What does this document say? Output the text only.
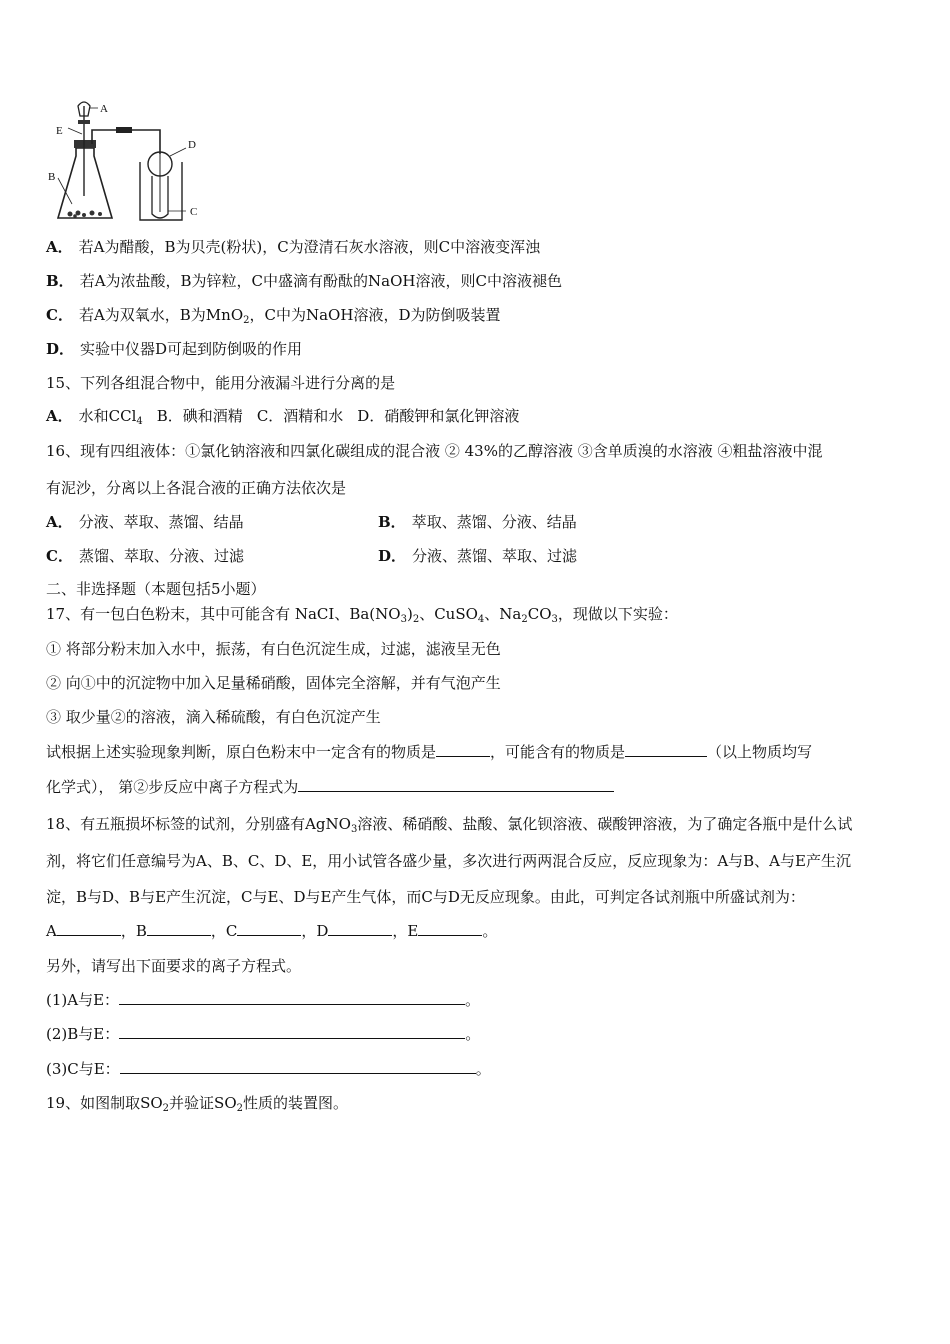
A
E
B
D
C
A． 若A为醋酸，B为贝壳(粉状)，C为澄清石灰水溶液，则C中溶液变浑浊
B． 若A为浓盐酸，B为锌粒，C中盛滴有酚酞的NaOH溶液，则C中溶液褪色
C． 若A为双氧水，B为MnO$_2$，C中为NaOH溶液，D为防倒吸装置
D． 实验中仪器D可起到防倒吸的作用
15、下列各组混合物中，能用分液漏斗进行分离的是
A． 水和CCl$_4$ B．碘和酒精 C．酒精和水 D．硝酸钾和氯化钾溶液
16、现有四组液体：①氯化钠溶液和四氯化碳组成的混合液 ② 43%的乙醇溶液 ③含单质溴的水溶液 ④粗盐溶液中混
有泥沙，分离以上各混合液的正确方法依次是
A． 分液、萃取、蒸馏、结晶	B． 萃取、蒸馏、分液、结晶
C． 蒸馏、萃取、分液、过滤	D． 分液、蒸馏、萃取、过滤
二、非选择题（本题包括5小题）
17、有一包白色粉末，其中可能含有 NaCI、$Ba(NO_3)_2$、CuSO$_4$、$Na_2CO_3$，现做以下实验：
① 将部分粉末加入水中，振荡，有白色沉淀生成，过滤，滤液呈无色
② 向①中的沉淀物中加入足量稀硝酸，固体完全溶解，并有气泡产生
③ 取少量②的溶液，滴入稀硫酸，有白色沉淀产生
试根据上述实验现象判断，原白色粉末中一定含有的物质是	，可能含有的物质是	（以上物质均写
化学式）， 第②步反应中离子方程式为
18、有五瓶损坏标签的试剂，分别盛有AgNO$_3$溶液、稀硝酸、盐酸、氯化钡溶液、碳酸钾溶液，为了确定各瓶中是什么试
剂，将它们任意编号为A、B、C、D、E，用小试管各盛少量，多次进行两两混合反应，反应现象为：A与B、A与E产生沉
淀，B与D、B与E产生沉淀，C与E、D与E产生气体，而C与D无反应现象。由此，可判定各试剂瓶中所盛试剂为：
A	，B	，C	，D	，E	。
另外，请写出下面要求的离子方程式。
(1)A与E：	。
(2)B与E：	。
(3)C与E：	。
19、如图制取$SO_2$并验证$SO_2$性质的装置图。
